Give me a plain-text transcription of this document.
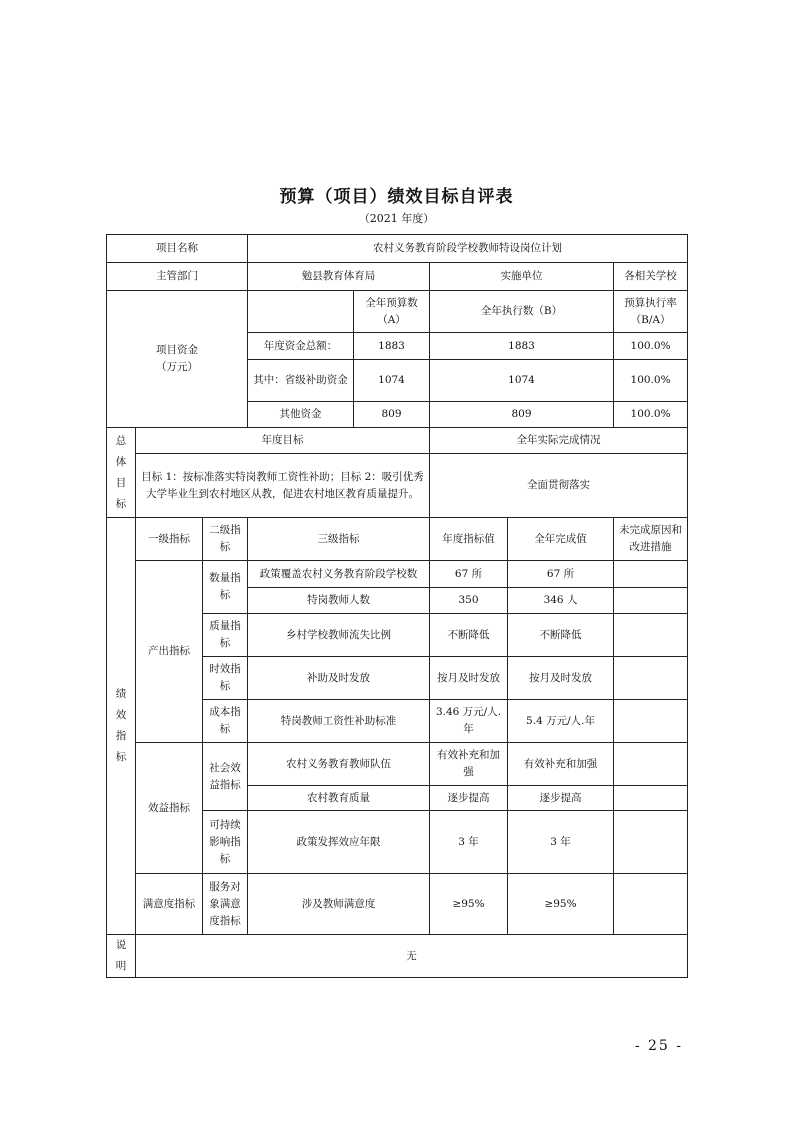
预算（项目）绩效目标自评表
（2021 年度）
项目名称			农村义务教育阶段学校教师特设岗位计划				
主管部门			勉县教育体育局		实施单位		各相关学校

项目资金
（万元）				全年预算数（A）	全年执行数（B）		预算执行率（B/A）
			年度资金总额：	1883	1883		100.0%
			其中：省级补助资金	1074	1074		100.0%
			其他资金	809	809		100.0%

总体目标	年度目标				全年实际完成情况		
	目标 1：按标准落实特岗教师工资性补助；目标 2：吸引优秀大学毕业生到农村地区从教，促进农村地区教育质量提升。				全面贯彻落实		
绩效指标	一级指标	二级指标	三级指标		年度指标值	全年完成值	未完成原因和改进措施
	产出指标	数量指标	政策覆盖农村义务教育阶段学校数		67 所	67 所	
			特岗教师人数		350	346 人	
		质量指标	乡村学校教师流失比例		不断降低	不断降低	
		时效指标	补助及时发放		按月及时发放	按月及时发放	
		成本指标	特岗教师工资性补助标准		3.46 万元/人.年	5.4 万元/人.年	
	效益指标	社会效益指标	农村义务教育教师队伍		有效补充和加强	有效补充和加强	
			农村教育质量		逐步提高	逐步提高	
		可持续影响指标	政策发挥效应年限		3 年	3 年	
	满意度指标	服务对象满意度指标	涉及教师满意度		≥95%	≥95%	

说明	无						
- 25 -
